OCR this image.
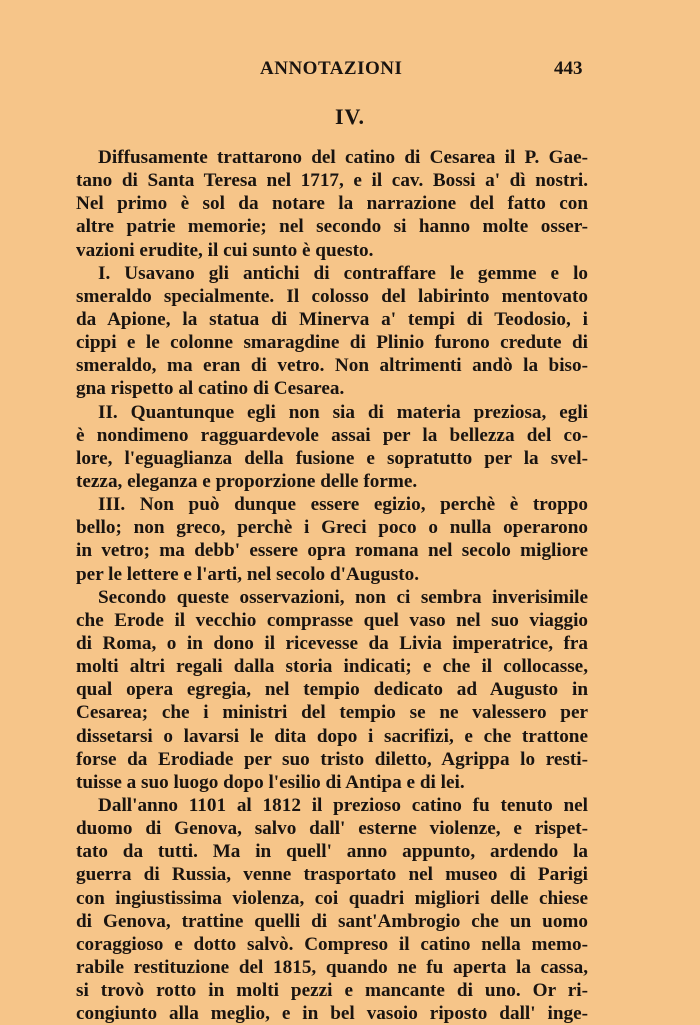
ANNOTAZIONI	443
IV.
Diffusamente trattarono del catino di Cesarea il P. Gae-
tano di Santa Teresa nel 1717, e il cav. Bossi a' dì nostri.
Nel primo è sol da notare la narrazione del fatto con
altre patrie memorie; nel secondo si hanno molte osser-
vazioni erudite, il cui sunto è questo.
I. Usavano gli antichi di contraffare le gemme e lo
smeraldo specialmente. Il colosso del labirinto mentovato
da Apione, la statua di Minerva a' tempi di Teodosio, i
cippi e le colonne smaragdine di Plinio furono credute di
smeraldo, ma eran di vetro. Non altrimenti andò la biso-
gna rispetto al catino di Cesarea.
II. Quantunque egli non sia di materia preziosa, egli
è nondimeno ragguardevole assai per la bellezza del co-
lore, l'eguaglianza della fusione e sopratutto per la svel-
tezza, eleganza e proporzione delle forme.
III. Non può dunque essere egizio, perchè è troppo
bello; non greco, perchè i Greci poco o nulla operarono
in vetro; ma debb' essere opra romana nel secolo migliore
per le lettere e l'arti, nel secolo d'Augusto.
Secondo queste osservazioni, non ci sembra inverisimile
che Erode il vecchio comprasse quel vaso nel suo viaggio
di Roma, o in dono il ricevesse da Livia imperatrice, fra
molti altri regali dalla storia indicati; e che il collocasse,
qual opera egregia, nel tempio dedicato ad Augusto in
Cesarea; che i ministri del tempio se ne valessero per
dissetarsi o lavarsi le dita dopo i sacrifizi, e che trattone
forse da Erodiade per suo tristo diletto, Agrippa lo resti-
tuisse a suo luogo dopo l'esilio di Antipa e di lei.
Dall'anno 1101 al 1812 il prezioso catino fu tenuto nel
duomo di Genova, salvo dall' esterne violenze, e rispet-
tato da tutti. Ma in quell' anno appunto, ardendo la
guerra di Russia, venne trasportato nel museo di Parigi
con ingiustissima violenza, coi quadri migliori delle chiese
di Genova, trattine quelli di sant'Ambrogio che un uomo
coraggioso e dotto salvò. Compreso il catino nella memo-
rabile restituzione del 1815, quando ne fu aperta la cassa,
si trovò rotto in molti pezzi e mancante di uno. Or ri-
congiunto alla meglio, e in bel vasoio riposto dall' inge-
